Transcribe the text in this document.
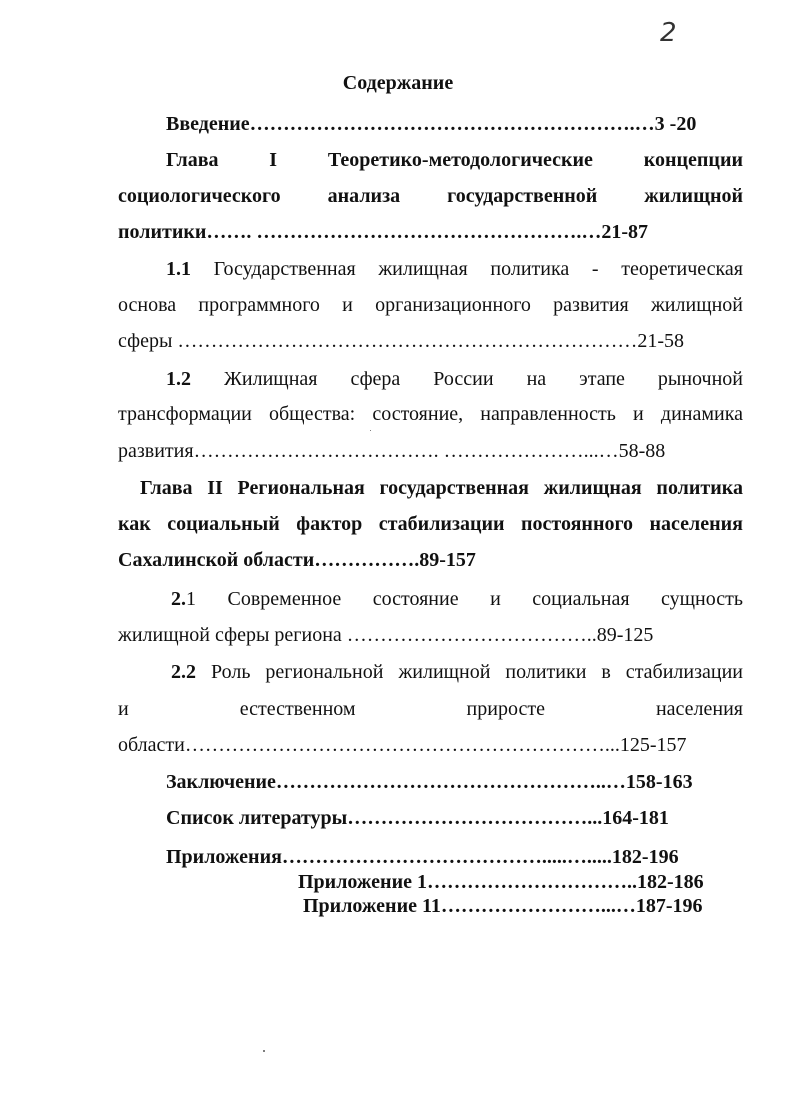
2
Содержание
Введение………………………………………………….…3 -20
Глава I Теоретико-методологические концепции
социологического анализа государственной жилищной
политики……. ………………………………………….…21-87
1.1 Государственная жилищная политика - теоретическая
основа программного и организационного развития жилищной
сферы ……………………………………………………………21-58
1.2 Жилищная сфера России на этапе рыночной
трансформации общества: состояние, направленность и динамика
развития………………………………. …………………...…58-88
Глава II Региональная государственная жилищная политика
как социальный фактор стабилизации постоянного населения
Сахалинской области…………….89-157
2.1 Современное состояние и социальная сущность
жилищной сферы региона ………………………………..89-125
2.2 Роль региональной жилищной политики в стабилизации
и естественном приросте населения
области………………………………………………………...125-157
Заключение…………………………………………..…158-163
Список литературы………………………………...164-181
Приложения………………………………….....….....182-196
Приложение 1…………………………..182-186
Приложение 11……………………...…187-196
